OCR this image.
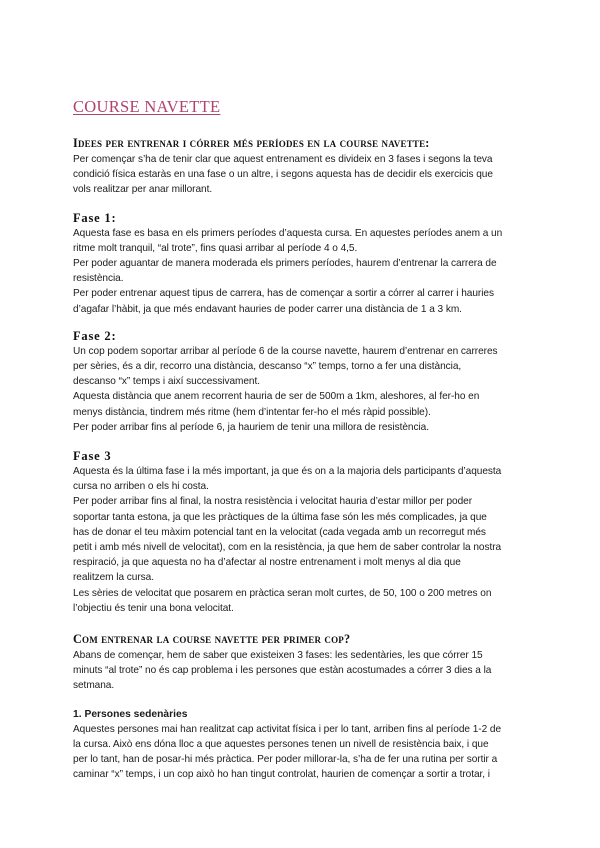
COURSE NAVETTE
Idees per entrenar i córrer més períodes en la course navette:
Per començar s’ha de tenir clar que aquest entrenament es divideix en 3 fases i segons la teva
condició física estaràs en una fase o un altre, i segons aquesta has de decidir els exercicis que
vols realitzar per anar millorant.
Fase 1:
Aquesta fase es basa en els primers períodes d’aquesta cursa. En aquestes períodes anem a un
ritme molt tranquil, “al trote”, fins quasi arribar al període 4 o 4,5.
Per poder aguantar de manera moderada els primers períodes, haurem d’entrenar la carrera de
resistència.
Per poder entrenar aquest tipus de carrera, has de començar a sortir a córrer al carrer i hauries
d’agafar l’hàbit, ja que més endavant hauries de poder carrer una distància de 1 a 3 km.
Fase 2:
Un cop podem soportar arribar al període 6 de la course navette, haurem d’entrenar en carreres
per sèries, és a dir, recorro una distància, descanso “x” temps, torno a fer una distància,
descanso “x” temps i així successivament.
Aquesta distància que anem recorrent hauria de ser de 500m a 1km, aleshores, al fer-ho en
menys distància, tindrem més ritme (hem d’intentar fer-ho el més ràpid possible).
Per poder arribar fins al període 6, ja hauriem de tenir una millora de resistència.
Fase 3
Aquesta és la última fase i la més important, ja que és on a la majoria dels participants d’aquesta
cursa no arriben o els hi costa.
Per poder arribar fins al final, la nostra resistència i velocitat hauria d’estar millor per poder
soportar tanta estona, ja que les pràctiques de la última fase són les més complicades, ja que
has de donar el teu màxim potencial tant en la velocitat (cada vegada amb un recorregut més
petit i amb més nivell de velocitat), com en la resistència, ja que hem de saber controlar la nostra
respiració, ja que aquesta no ha d’afectar al nostre entrenament i molt menys al dia que
realitzem la cursa.
Les sèries de velocitat que posarem en pràctica seran molt curtes, de 50, 100 o 200 metres on
l’objectiu és tenir una bona velocitat.
Com entrenar la course navette per primer cop?
Abans de començar, hem de saber que existeixen 3 fases: les sedentàries, les que córrer 15
minuts “al trote” no és cap problema i les persones que estàn acostumades a córrer 3 dies a la
setmana.
1. Persones sedenàries
Aquestes persones mai han realitzat cap activitat física i per lo tant, arriben fins al període 1-2 de
la cursa. Això ens dóna lloc a que aquestes persones tenen un nivell de resistència baix, i que
per lo tant, han de posar-hi més pràctica. Per poder millorar-la, s’ha de fer una rutina per sortir a
caminar “x” temps, i un cop això ho han tingut controlat, haurien de començar a sortir a trotar, i
